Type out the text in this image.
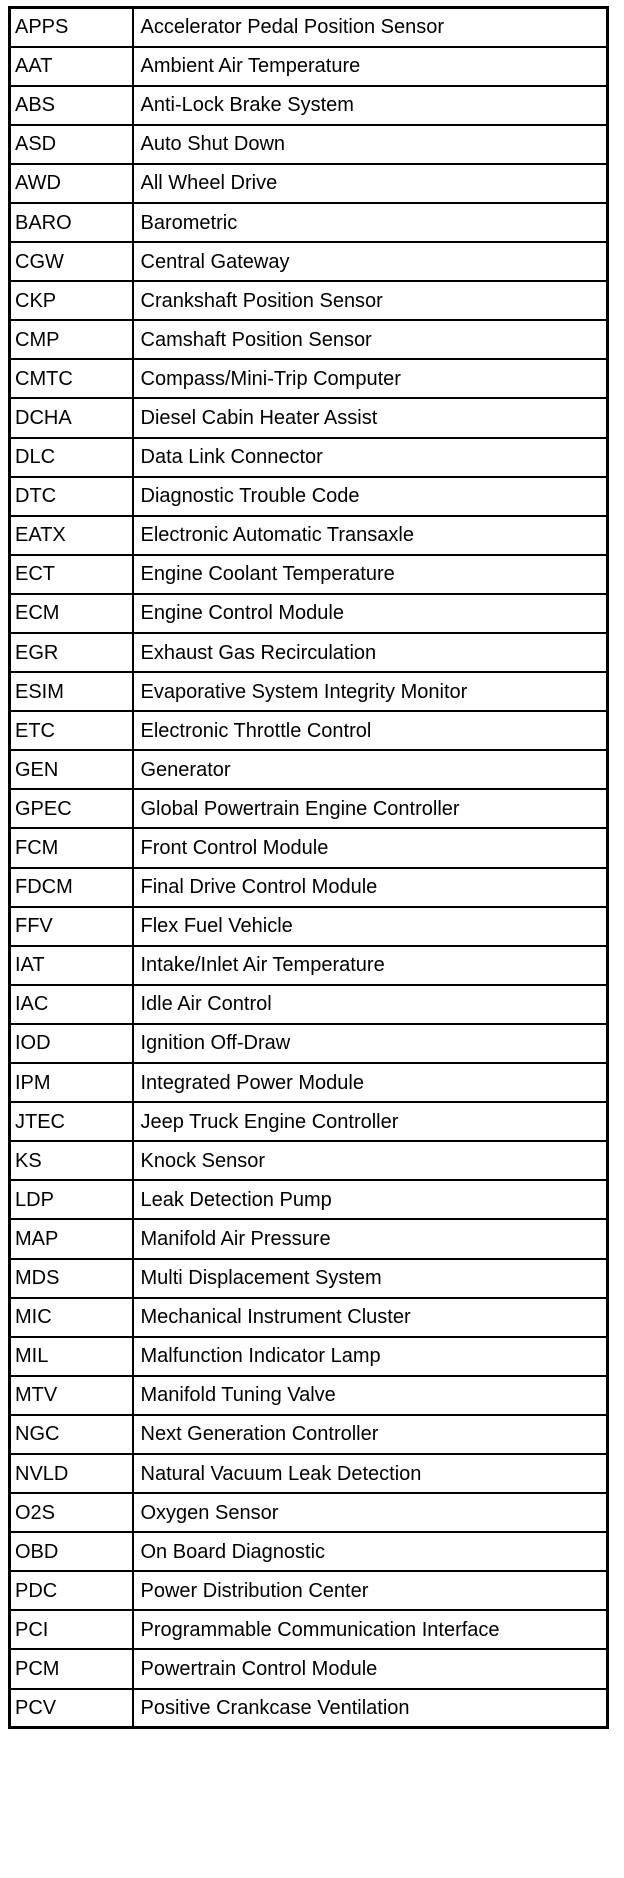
APPS	Accelerator Pedal Position Sensor
AAT	Ambient Air Temperature
ABS	Anti-Lock Brake System
ASD	Auto Shut Down
AWD	All Wheel Drive
BARO	Barometric
CGW	Central Gateway
CKP	Crankshaft Position Sensor
CMP	Camshaft Position Sensor
CMTC	Compass/Mini-Trip Computer
DCHA	Diesel Cabin Heater Assist
DLC	Data Link Connector
DTC	Diagnostic Trouble Code
EATX	Electronic Automatic Transaxle
ECT	Engine Coolant Temperature
ECM	Engine Control Module
EGR	Exhaust Gas Recirculation
ESIM	Evaporative System Integrity Monitor
ETC	Electronic Throttle Control
GEN	Generator
GPEC	Global Powertrain Engine Controller
FCM	Front Control Module
FDCM	Final Drive Control Module
FFV	Flex Fuel Vehicle
IAT	Intake/Inlet Air Temperature
IAC	Idle Air Control
IOD	Ignition Off-Draw
IPM	Integrated Power Module
JTEC	Jeep Truck Engine Controller
KS	Knock Sensor
LDP	Leak Detection Pump
MAP	Manifold Air Pressure
MDS	Multi Displacement System
MIC	Mechanical Instrument Cluster
MIL	Malfunction Indicator Lamp
MTV	Manifold Tuning Valve
NGC	Next Generation Controller
NVLD	Natural Vacuum Leak Detection
O2S	Oxygen Sensor
OBD	On Board Diagnostic
PDC	Power Distribution Center
PCI	Programmable Communication Interface
PCM	Powertrain Control Module
PCV	Positive Crankcase Ventilation
